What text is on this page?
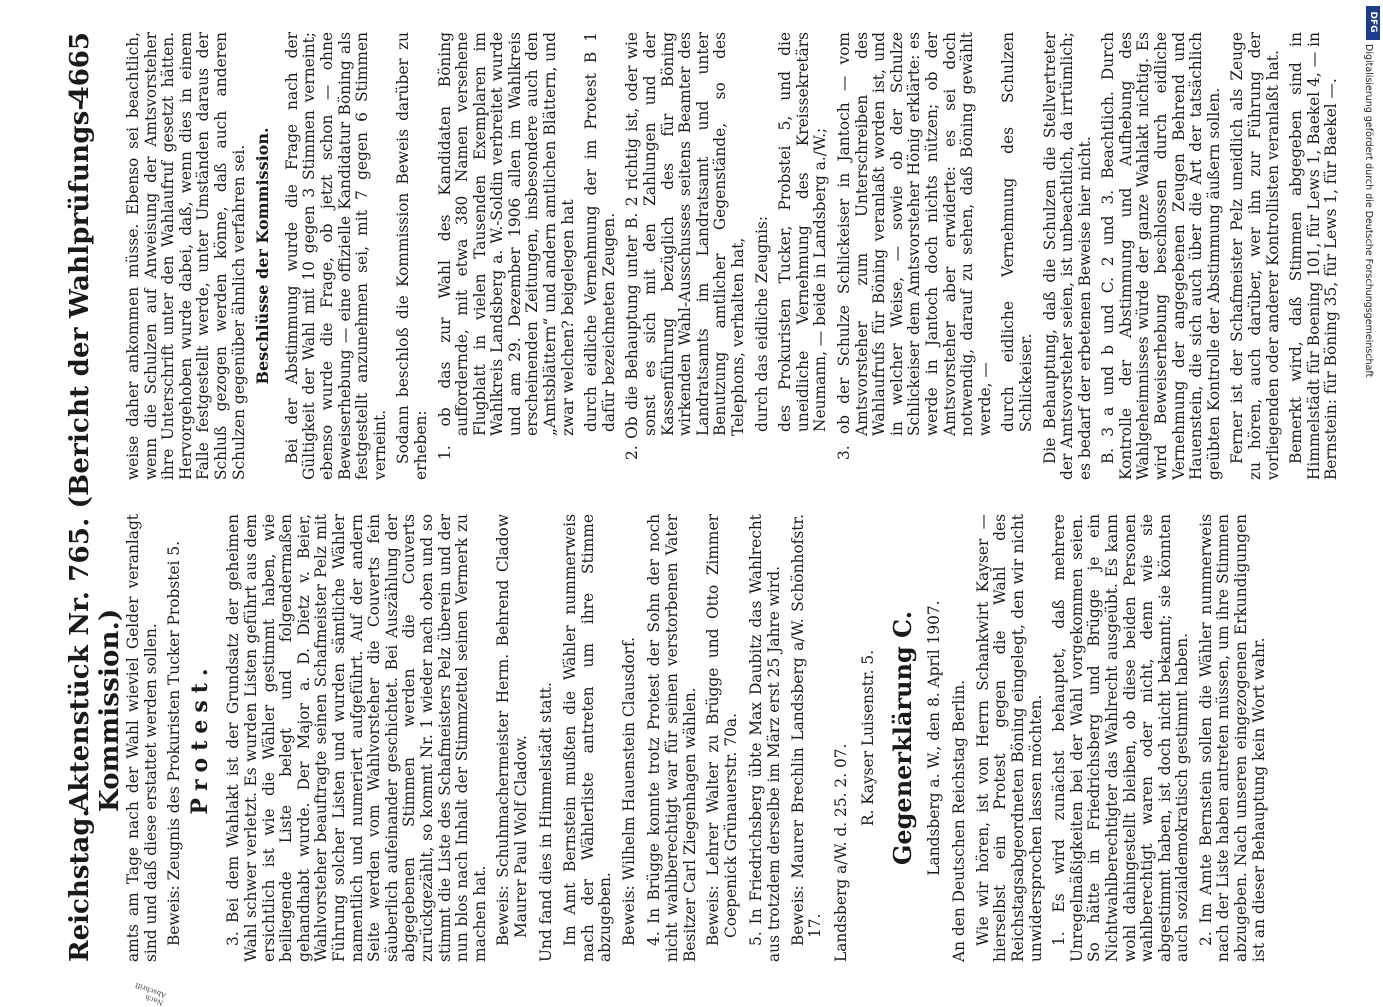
Reichstag.
Aktenstück Nr. 765. (Bericht der Wahlprüfungs-Kommission.)
4665
Nach Abschrift

amts am Tage nach der Wahl wieviel Gelder veranlagt sind und daß diese erstattet werden sollen. Beweis: Zeugnis des Prokuristen Tucker Probstei 5. Protest. 3. Bei dem Wahlakt ist der Grundsatz der geheimen Wahl schwer verletzt. Es wurden Listen geführt aus dem ersichtlich ist wie die Wähler gestimmt haben, wie beiliegende Liste belegt und folgendermaßen gehandhabt wurde. Der Major a. D. Dietz v. Beier, Wahlvorsteher beauftragte seinen Schafmeister Pelz mit Führung solcher Listen und wurden sämtliche Wähler namentlich und numeriert aufgeführt. Auf der andern Seite werden vom Wahlvorsteher die Couverts fein säuberlich aufeinander geschichtet. Bei Auszählung der abgegebenen Stimmen werden die Couverts zurückgezählt, so kommt Nr. 1 wieder nach oben und so stimmt die Liste des Schafmeisters Pelz überein und der nun blos nach Inhalt der Stimmzettel seinen Vermerk zu machen hat. Beweis: Schuhmachermeister Herm. Behrend Cladow Maurer Paul Wolf Cladow. Und fand dies in Himmelstädt statt. Im Amt Bernstein mußten die Wähler nummerweis nach der Wählerliste antreten um ihre Stimme abzugeben. Beweis: Wilhelm Hauenstein Clausdorf. 4. In Brügge konnte trotz Protest der Sohn der noch nicht wahlberechtigt war für seinen verstorbenen Vater Besitzer Carl Ziegenhagen wählen. Beweis: Lehrer Walter zu Brügge und Otto Zimmer Coepenick Grünauerstr. 70a. 5. In Friedrichsberg übte Max Daubitz das Wahlrecht aus trotzdem derselbe im März erst 25 Jahre wird. Beweis: Maurer Brechlin Landsberg a/W. Schönhofstr. 17. Landsberg a/W. d. 25. 2. 07.

R. Kayser Luisenstr. 5. Gegenerklärung C. Landsberg a. W., den 8. April 1907. An den Deutschen Reichstag Berlin. Wie wir hören, ist von Herrn Schankwirt Kayser — hierselbst ein Protest gegen die Wahl des Reichstagsabgeordneten Böning eingelegt, den wir nicht unwidersprochen lassen möchten. 1. Es wird zunächst behauptet, daß mehrere Unregelmäßigkeiten bei der Wahl vorgekommen seien. So hätte in Friedrichsberg und Brügge je ein Nichtwahlberechtigter das Wahlrecht ausgeübt. Es kann wohl dahingestellt bleiben, ob diese beiden Personen wahlberechtigt waren oder nicht, denn wie sie abgestimmt haben, ist doch nicht bekannt; sie könnten auch sozialdemokratisch gestimmt haben. 2. Im Amte Bernstein sollen die Wähler nummerweis nach der Liste haben antreten müssen, um ihre Stimmen abzugeben. Nach unseren eingezogenen Erkundigungen ist an dieser Behauptung kein Wort wahr.

weise daher ankommen müsse. Ebenso sei beachtlich, wenn die Schulzen auf Anweisung der Amtsvorsteher ihre Unterschrift unter den Wahlaufruf gesetzt hätten. Hervorgehoben wurde dabei, daß, wenn dies in einem Falle festgestellt werde, unter Umständen daraus der Schluß gezogen werden könne, daß auch anderen Schulzen gegenüber ähnlich verfahren sei. Beschlüsse der Kommission. Bei der Abstimmung wurde die Frage nach der Gültigkeit der Wahl mit 10 gegen 3 Stimmen verneint; ebenso wurde die Frage, ob jetzt schon — ohne Beweiserhebung — eine offizielle Kandidatur Böning als festgestellt anzunehmen sei, mit 7 gegen 6 Stimmen verneint. Sodann beschloß die Kommission Beweis darüber zu erheben: 1. ob das zur Wahl des Kandidaten Böning auffordernde, mit etwa 380 Namen versehene Flugblatt in vielen Tausenden Exemplaren im Wahlkreis Landsberg a. W.-Soldin verbreitet wurde und am 29. Dezember 1906 allen im Wahlkreis erscheinenden Zeitungen, insbesondere auch den „Amtsblättern“ und andern amtlichen Blättern, und zwar welchen? beigelegen hat durch eidliche Vernehmung der im Protest B 1 dafür bezeichneten Zeugen. 2. Ob die Behauptung unter B. 2 richtig ist, oder wie sonst es sich mit den Zahlungen und der Kassenführung bezüglich des für Böning wirkenden Wahl-Ausschusses seitens Beamter des Landratsamts im Landratsamt und unter Benutzung amtlicher Gegenstände, so des Telephons, verhalten hat, durch das eidliche Zeugnis: des Prokuristen Tucker, Probstei 5, und die uneidliche Vernehmung des Kreissekretärs Neumann, — beide in Landsberg a./W.; 3. ob der Schulze Schlickeiser in Jantoch — vom Amtsvorsteher zum Unterschreiben des Wahlaufrufs für Böning veranlaßt worden ist, und in welcher Weise, — sowie ob der Schulze Schlickeiser dem Amtsvorsteher Hönig erklärte: es werde in Jantoch doch nichts nützen; ob der Amtsvorsteher aber erwiderte: es sei doch notwendig, darauf zu sehen, daß Böning gewählt werde, — durch eidliche Vernehmung des Schulzen Schlickeiser. Die Behauptung, daß die Schulzen die Stellvertreter der Amtsvorsteher seien, ist unbeachtlich, da irrtümlich; es bedarf der erbetenen Beweise hier nicht. B. 3 a und b und C. 2 und 3. Beachtlich. Durch Kontrolle der Abstimmung und Aufhebung des Wahlgeheimnisses würde der ganze Wahlakt nichtig. Es wird Beweiserhebung beschlossen durch eidliche Vernehmung der angegebenen Zeugen Behrend und Hauenstein, die sich auch über die Art der tatsächlich geübten Kontrolle der Abstimmung äußern sollen. Ferner ist der Schafmeister Pelz uneidlich als Zeuge zu hören, auch darüber, wer ihn zur Führung der vorliegenden oder anderer Kontrollisten veranlaßt hat. Bemerkt wird, daß Stimmen abgegeben sind in Himmelstädt für Boening 101, für Lews 1, Baekel 4, — in Bernstein: für Böning 35, für Lews 1, für Baekel —.

DFG
Digitalisierung gefördert durch die Deutsche Forschungsgemeinschaft
